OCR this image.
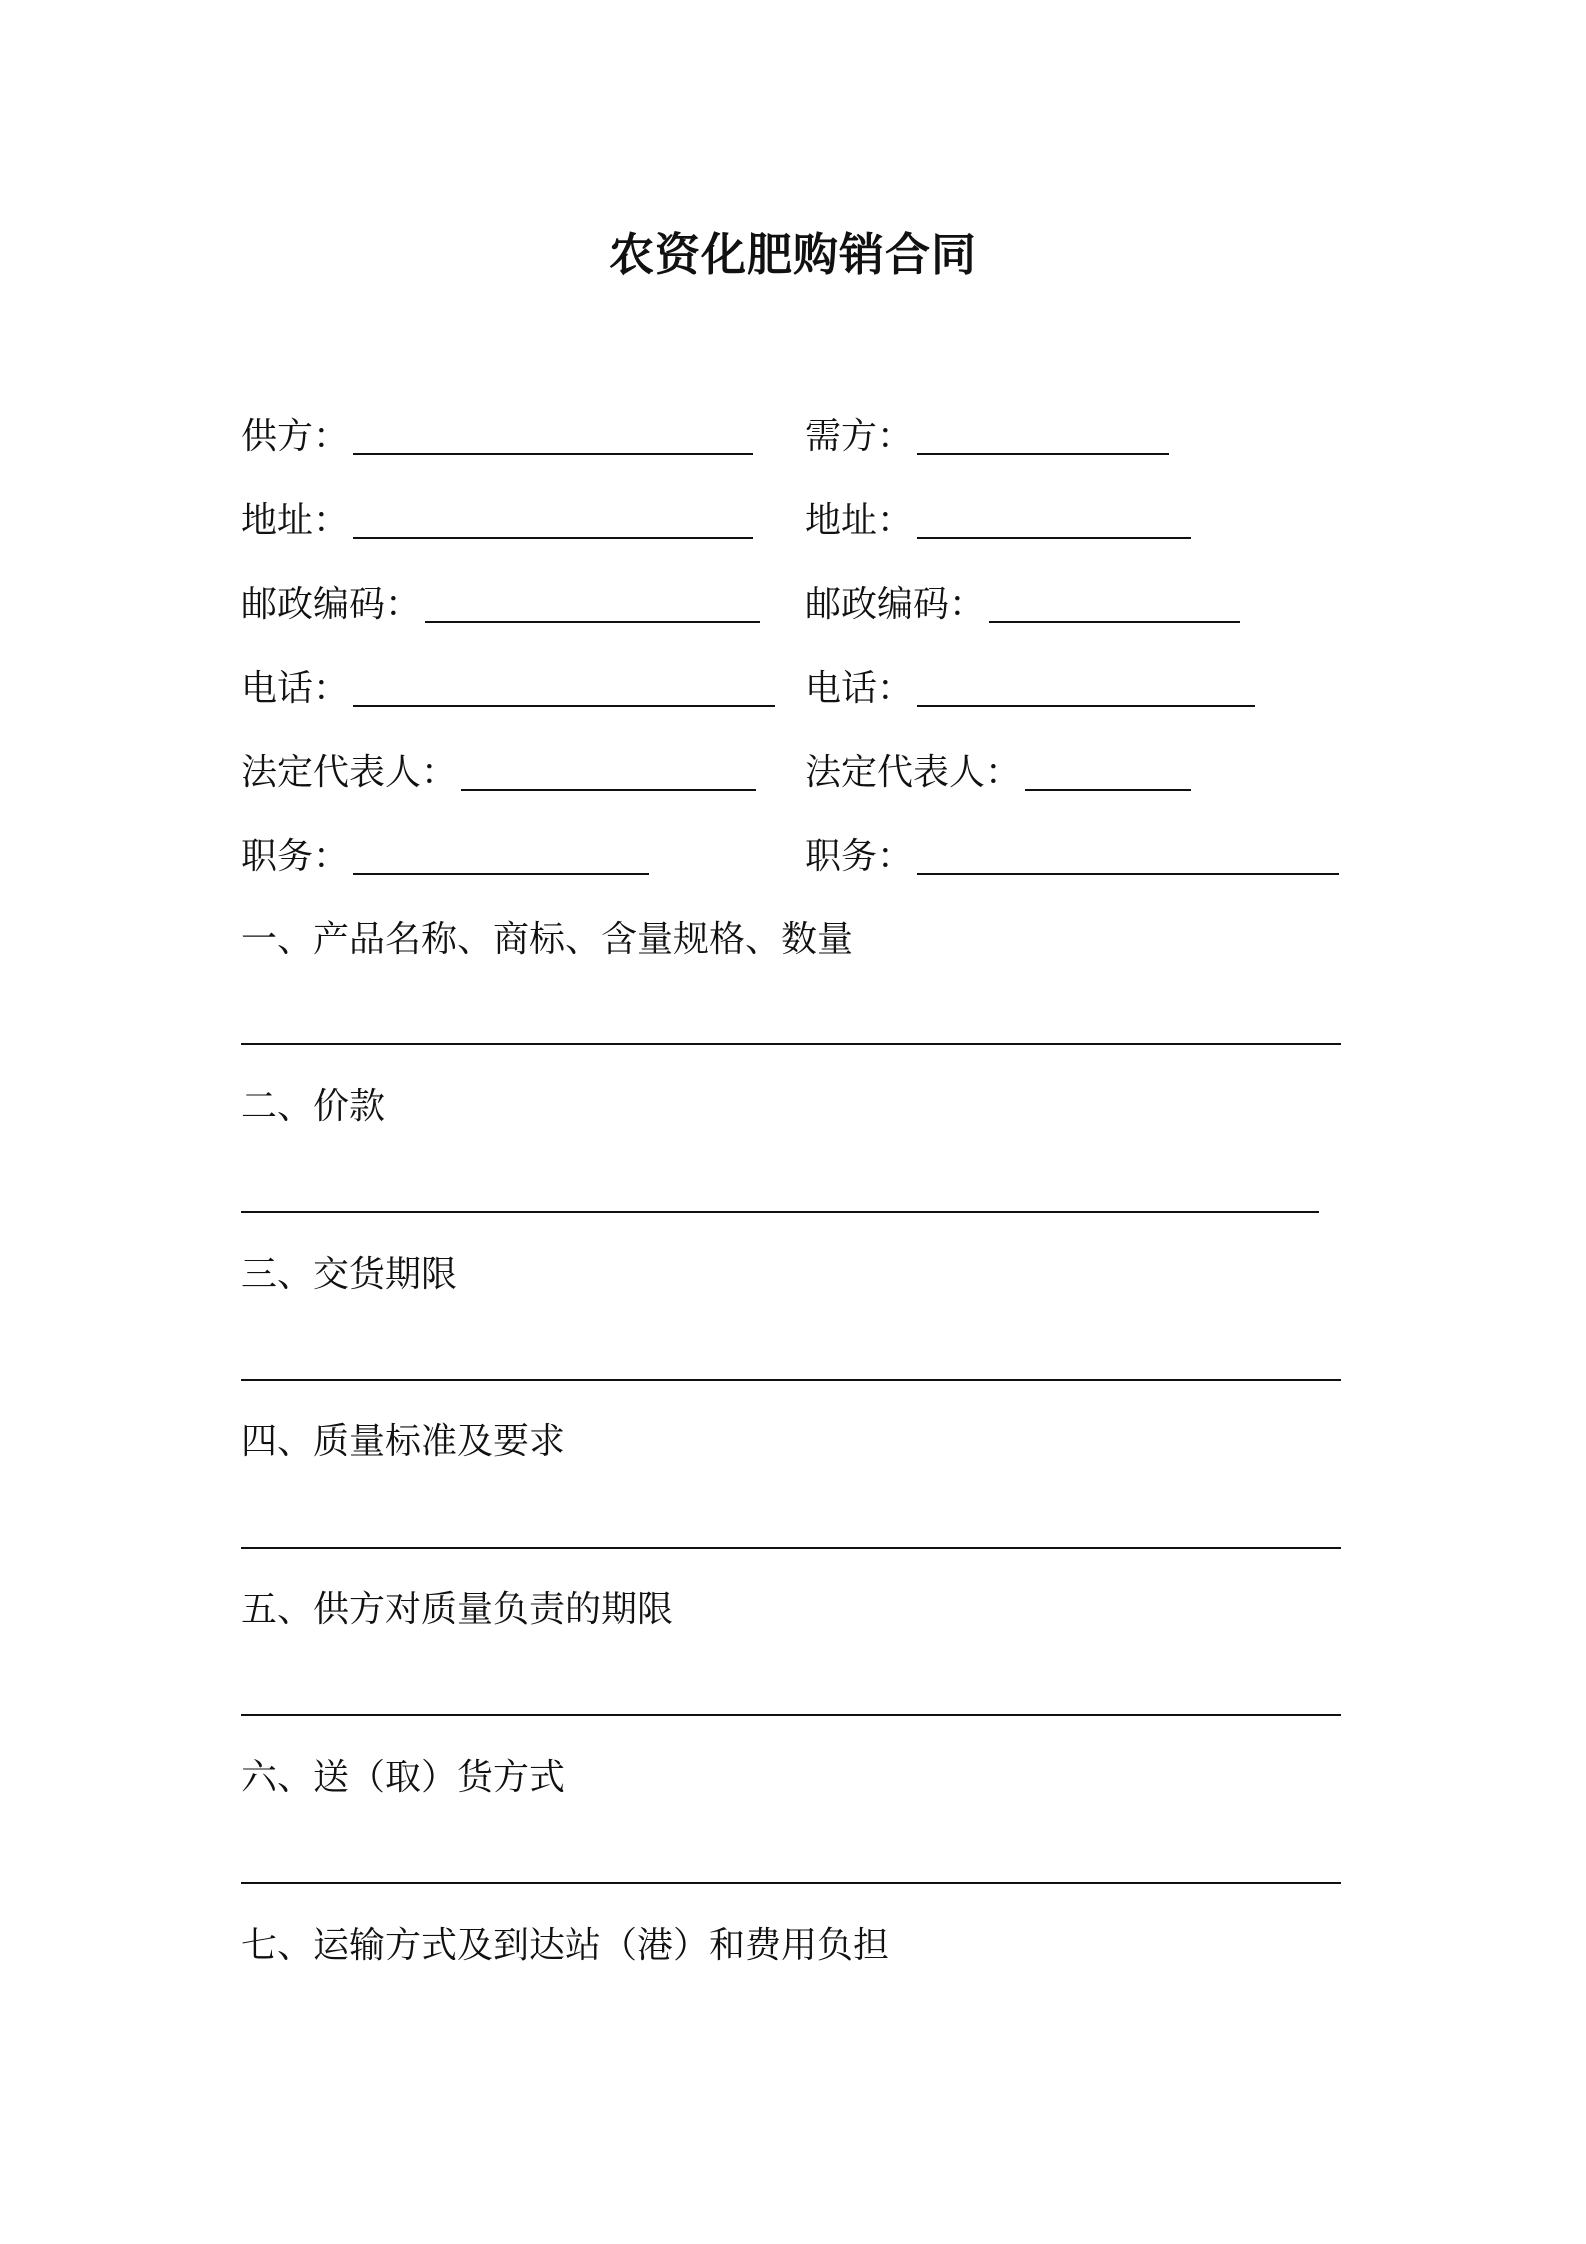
农资化肥购销合同
供方：
地址：
邮政编码：
电话：
法定代表人：
职务：
需方：
地址：
邮政编码：
电话：
法定代表人：
职务：
一、产品名称、商标、含量规格、数量
二、价款
三、交货期限
四、质量标准及要求
五、供方对质量负责的期限
六、送（取）货方式
七、运输方式及到达站（港）和费用负担
